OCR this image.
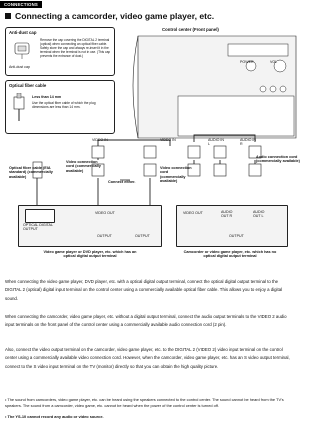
CONNECTIONS
Connecting a camcorder, video game player, etc.
Anti-dust cap
Anti-dust cap
Remove the cap covering the DIGITAL 2 terminal (optical) when connecting an optical fiber cable. Safely store the cap and always re-insert it in the terminal when the terminal is not in use. (This cap prevents the entrance of dust.)
Optical fiber cable
Less than 14 mm
Use the optical fiber cable of which the plug dimensions are less than 14 mm.
Control center (Front panel)
POWER	VOL
VIDEO IN	VIDEO IN	AUDIO IN L
AUDIO IN R
Optical fiber cable (EIA standard) (commercially available)
Video connection cord (commercially available)
Connect either.
Video connection cord (commercially available)
Audio connection cord (commercially available)
OPTICAL DIGITAL OUTPUT
VIDEO OUT
OUTPUT	OUTPUT
VIDEO OUT	AUDIO OUT R
AUDIO OUT L
OUTPUT
Video game player or DVD player, etc. which has an optical digital output terminal
Camcorder or video game player, etc. which has no optical digital output terminal
When connecting the video game player, DVD player, etc. with a optical digital output terminal, connect the optical digital output terminal to the DIGITAL 2 (optical) digital input terminal on the control center using a commercially available optical fiber cable. This allows you to enjoy a digital sound.
When connecting the camcorder, video game player, etc. without a digital output terminal, connect the audio output terminals to the VIDEO 2 audio input terminals on the front panel of the control center using a commercially available audio connection cord (2 pin).
Also, connect the video output terminal on the camcorder, video game player, etc. to the DIGITAL 2 (VIDEO 2) video input terminal on the control center using a commercially available video connection cord. However, when the camcorder, video game player, etc. has an S video output terminal, connect to the S video input terminal on the TV (monitor) directly so that you can obtain the high quality picture.
• The sound from camcorders, video game player, etc. can be heard using the speakers connected to the control center. The sound cannot be heard from the TV's speakers. The sound from a camcorder, video game, etc. cannot be heard when the power of the control center is turned off.
• The YS-10 cannot record any audio or video source.
